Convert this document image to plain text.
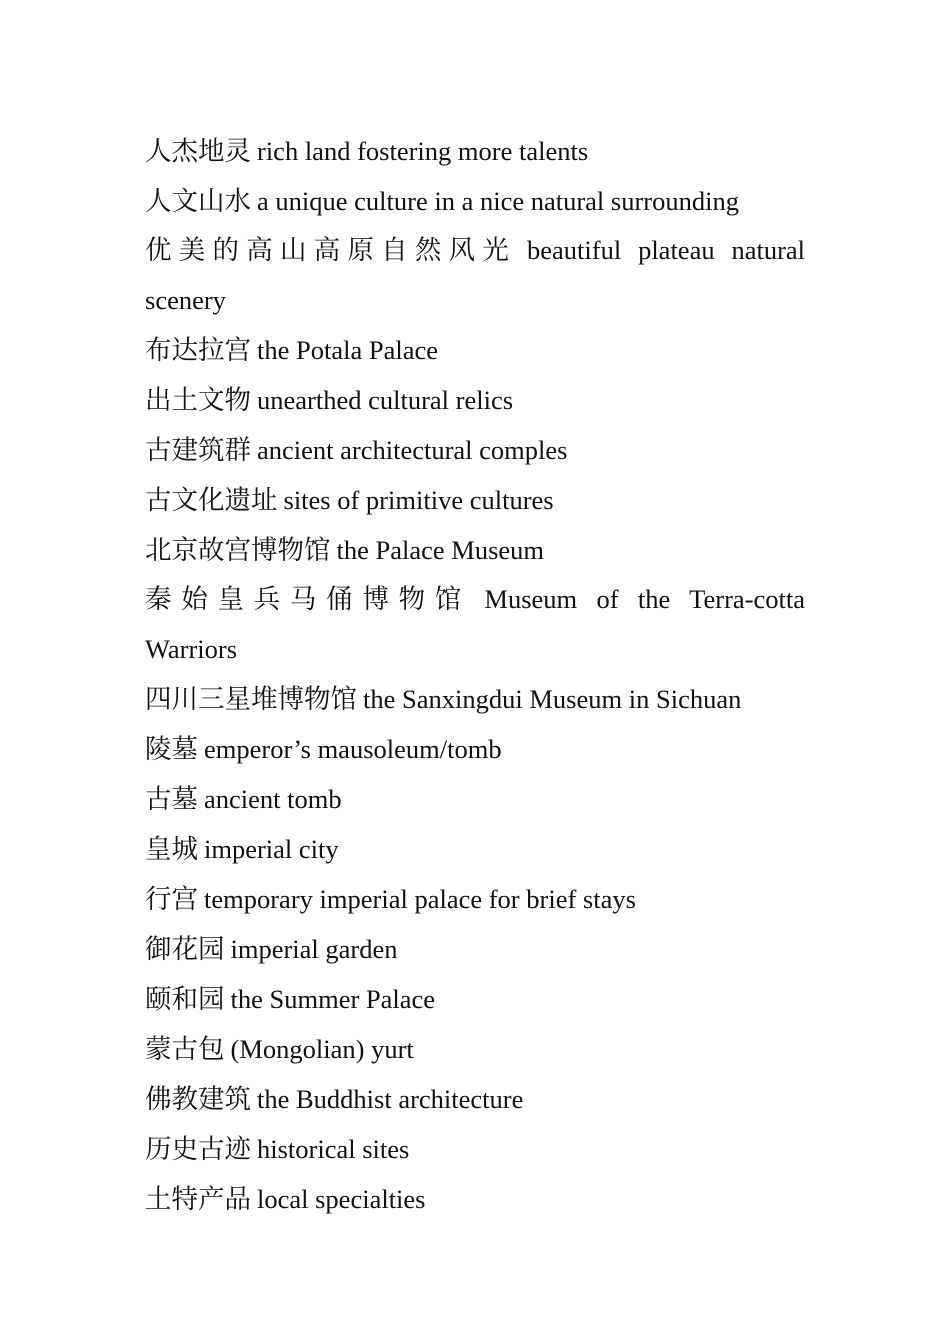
人杰地灵 rich land fostering more talents
人文山水 a unique culture in a nice natural surrounding
优美的高山高原自然风光 beautiful plateau natural scenery
布达拉宫 the Potala Palace
出土文物 unearthed cultural relics
古建筑群 ancient architectural comples
古文化遗址 sites of primitive cultures
北京故宫博物馆 the Palace Museum
秦始皇兵马俑博物馆 Museum of the Terra-cotta Warriors
四川三星堆博物馆 the Sanxingdui Museum in Sichuan
陵墓 emperor’s mausoleum/tomb
古墓 ancient tomb
皇城 imperial city
行宫 temporary imperial palace for brief stays
御花园 imperial garden
颐和园 the Summer Palace
蒙古包 (Mongolian) yurt
佛教建筑 the Buddhist architecture
历史古迹 historical sites
土特产品 local specialties
